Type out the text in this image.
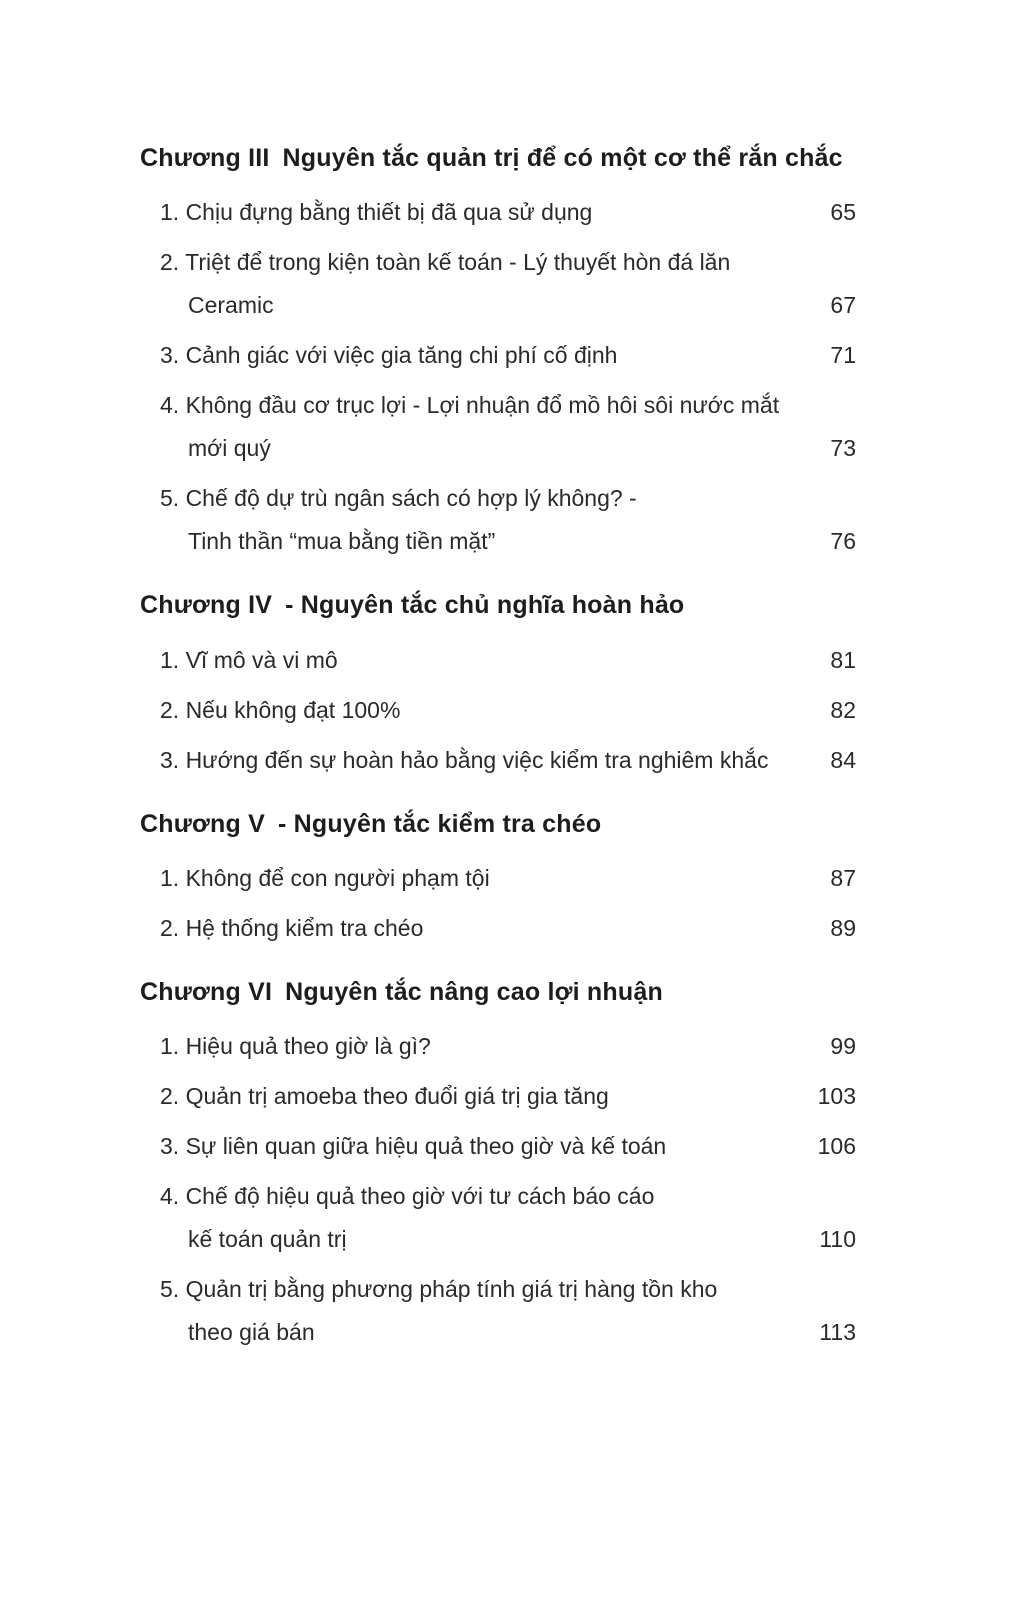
Chương III Nguyên tắc quản trị để có một cơ thể rắn chắc
1. Chịu đựng bằng thiết bị đã qua sử dụng	65
2. Triệt để trong kiện toàn kế toán - Lý thuyết hòn đá lăn
Ceramic	67
3. Cảnh giác với việc gia tăng chi phí cố định	71
4. Không đầu cơ trục lợi - Lợi nhuận đổ mồ hôi sôi nước mắt
mới quý	73
5. Chế độ dự trù ngân sách có hợp lý không? -
Tinh thần “mua bằng tiền mặt”	76
Chương IV - Nguyên tắc chủ nghĩa hoàn hảo
1. Vĩ mô và vi mô	81
2. Nếu không đạt 100%	82
3. Hướng đến sự hoàn hảo bằng việc kiểm tra nghiêm khắc	84
Chương V - Nguyên tắc kiểm tra chéo
1. Không để con người phạm tội	87
2. Hệ thống kiểm tra chéo	89
Chương VI Nguyên tắc nâng cao lợi nhuận
1. Hiệu quả theo giờ là gì?	99
2. Quản trị amoeba theo đuổi giá trị gia tăng	103
3. Sự liên quan giữa hiệu quả theo giờ và kế toán	106
4. Chế độ hiệu quả theo giờ với tư cách báo cáo
kế toán quản trị	110
5. Quản trị bằng phương pháp tính giá trị hàng tồn kho
theo giá bán	113
